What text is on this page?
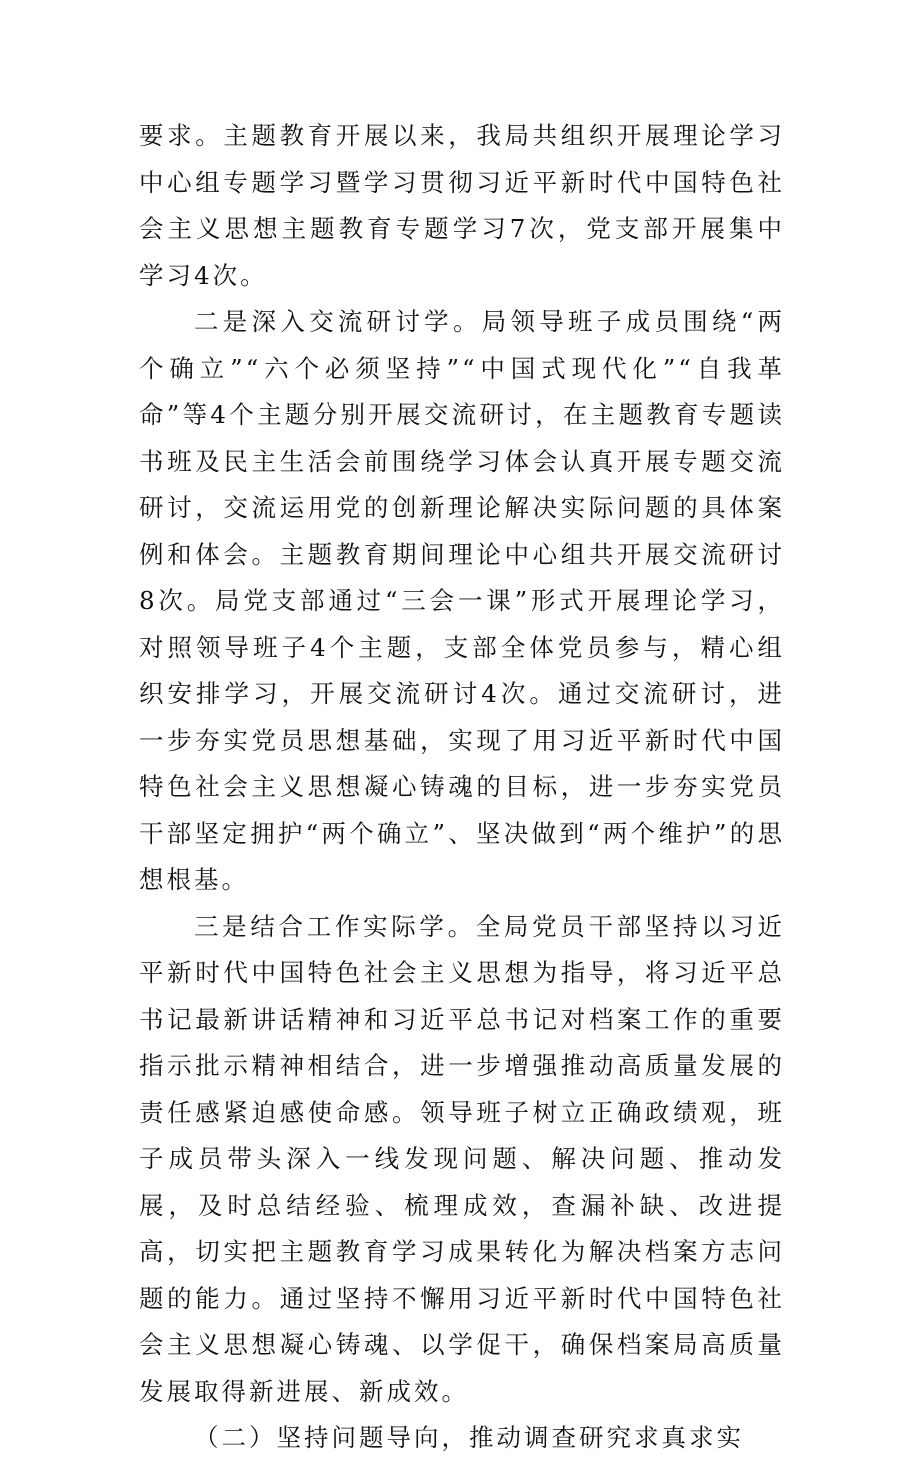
要求。主题教育开展以来，我局共组织开展理论学习中心组专题学习暨学习贯彻习近平新时代中国特色社会主义思想主题教育专题学习7次，党支部开展集中学习4次。

二是深入交流研讨学。局领导班子成员围绕“两个确立”“六个必须坚持”“中国式现代化”“自我革命”等4个主题分别开展交流研讨，在主题教育专题读书班及民主生活会前围绕学习体会认真开展专题交流研讨，交流运用党的创新理论解决实际问题的具体案例和体会。主题教育期间理论中心组共开展交流研讨8次。局党支部通过“三会一课”形式开展理论学习，对照领导班子4个主题，支部全体党员参与，精心组织安排学习，开展交流研讨4次。通过交流研讨，进一步夯实党员思想基础，实现了用习近平新时代中国特色社会主义思想凝心铸魂的目标，进一步夯实党员干部坚定拥护“两个确立”、坚决做到“两个维护”的思想根基。

三是结合工作实际学。全局党员干部坚持以习近平新时代中国特色社会主义思想为指导，将习近平总书记最新讲话精神和习近平总书记对档案工作的重要指示批示精神相结合，进一步增强推动高质量发展的责任感紧迫感使命感。领导班子树立正确政绩观，班子成员带头深入一线发现问题、解决问题、推动发展，及时总结经验、梳理成效，查漏补缺、改进提高，切实把主题教育学习成果转化为解决档案方志问题的能力。通过坚持不懈用习近平新时代中国特色社会主义思想凝心铸魂、以学促干，确保档案局高质量发展取得新进展、新成效。

（二）坚持问题导向，推动调查研究求真求实
